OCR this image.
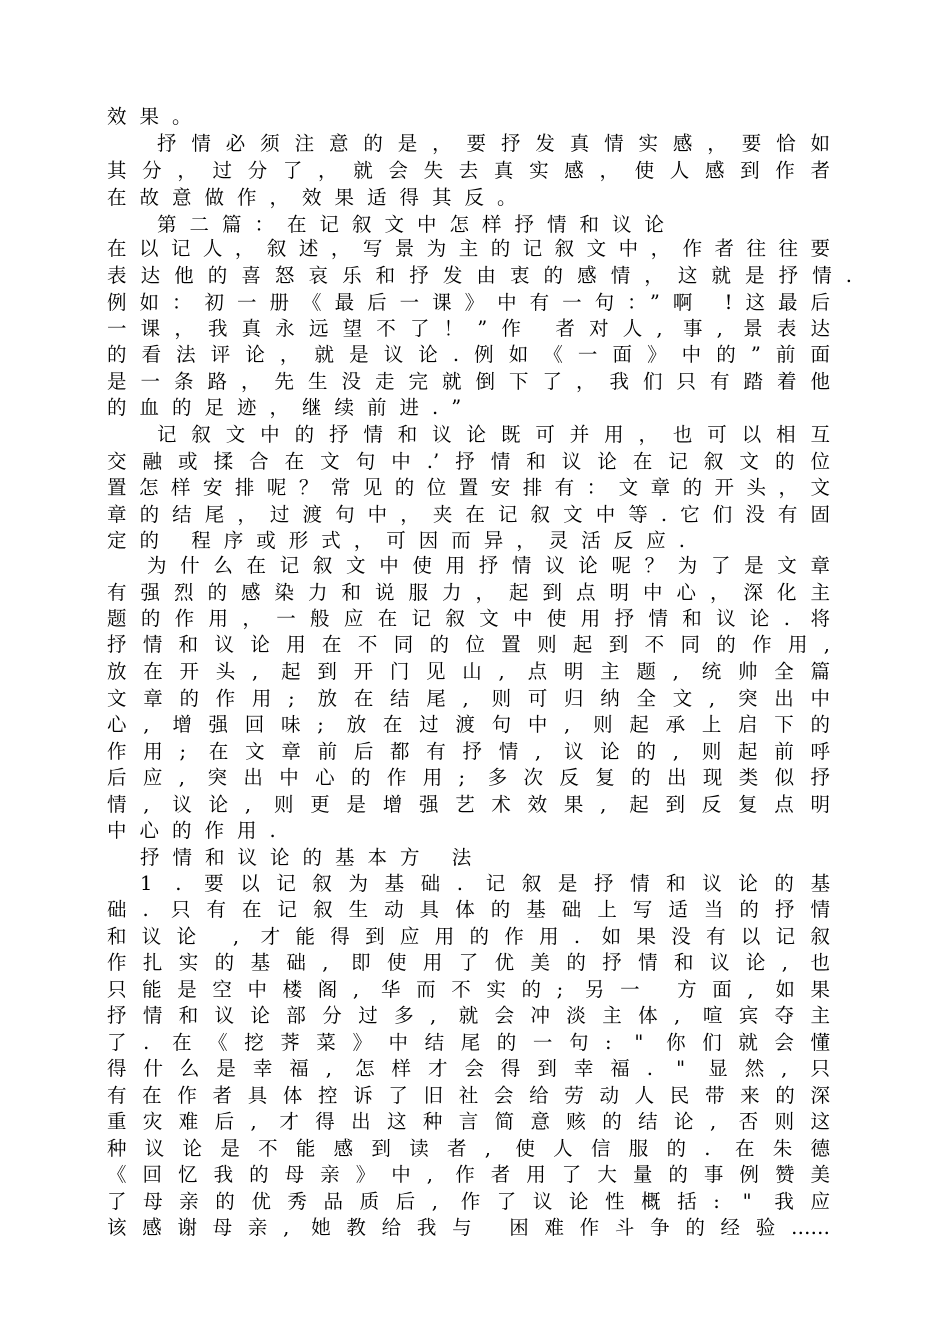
效果。
抒情必须注意的是，要抒发真情实感，要恰如
其分，过分了，就会失去真实感，使人感到作者
在故意做作，效果适得其反。
第二篇：在记叙文中怎样抒情和议论
在以记人，叙述，写景为主的记叙文中，作者往往要
表达他的喜怒哀乐和抒发由衷的感情，这就是抒情.
例如：初一册《最后一课》中有一句：”啊 !这最后
一课，我真永远望不了！”作 者对人, 事, 景表达
的看法评论，就是议论.例如《一面》中的”前面
是一条路，先生没走完就倒下了，我们只有踏着他
的血的足迹，继续前进.”
记叙文中的抒情和议论既可并用，也可以相互
交融或揉合在文句中.’抒情和议论在记叙文的位
置怎样安排呢？常见的位置安排有：文章的开头，文
章的结尾，过渡句中，夹在记叙文中等.它们没有固
定的 程序或形式，可因而异，灵活反应.
为什么在记叙文中使用抒情议论呢？为了是文章
有强烈的感染力和说服力，起到点明中心，深化主
题的作用，一般应在记叙文中使用抒情和议论. 将
抒情和议论用在不同的位置则起到不同的作用,
放在开头, 起到开门见山, 点明主题, 统帅全篇
文章的作用; 放在结尾, 则可归纳全文, 突出中
心, 增强回味; 放在过渡句中, 则起承上启下的
作用; 在文章前后都有抒情, 议论的, 则起前呼
后应, 突出中心的作用; 多次反复的出现类似抒
情, 议论, 则更是增强艺术效果, 起到反复点明
中心的作用.
抒情和议论的基本方 法
1 . 要以记叙为基础. 记叙是抒情和议论的基
础. 只有在记叙生动具体的基础上写适当的抒情
和议论 , 才能得到应用的作用. 如果没有以记叙
作扎实的基础, 即使用了优美的抒情和议论, 也
只能是空中楼阁, 华而不实的; 另一 方面, 如果
抒情和议论部分过多, 就会冲淡主体, 喧宾夺主
了. 在《挖荠菜》中结尾的一句: " 你们就会懂
得什么是幸福, 怎样才会得到幸福. " 显然, 只
有在作者具体控诉了旧社会给劳动人民带来的深
重灾难后, 才得出这种言简意赅的结论, 否则这
种议论是不能感到读者, 使人信服的. 在朱德
《回忆我的母亲》中, 作者用了大量的事例赞美
了母亲的优秀品质后, 作了议论性概括: " 我应
该感谢母亲, 她教给我与 困难作斗争的经验……
